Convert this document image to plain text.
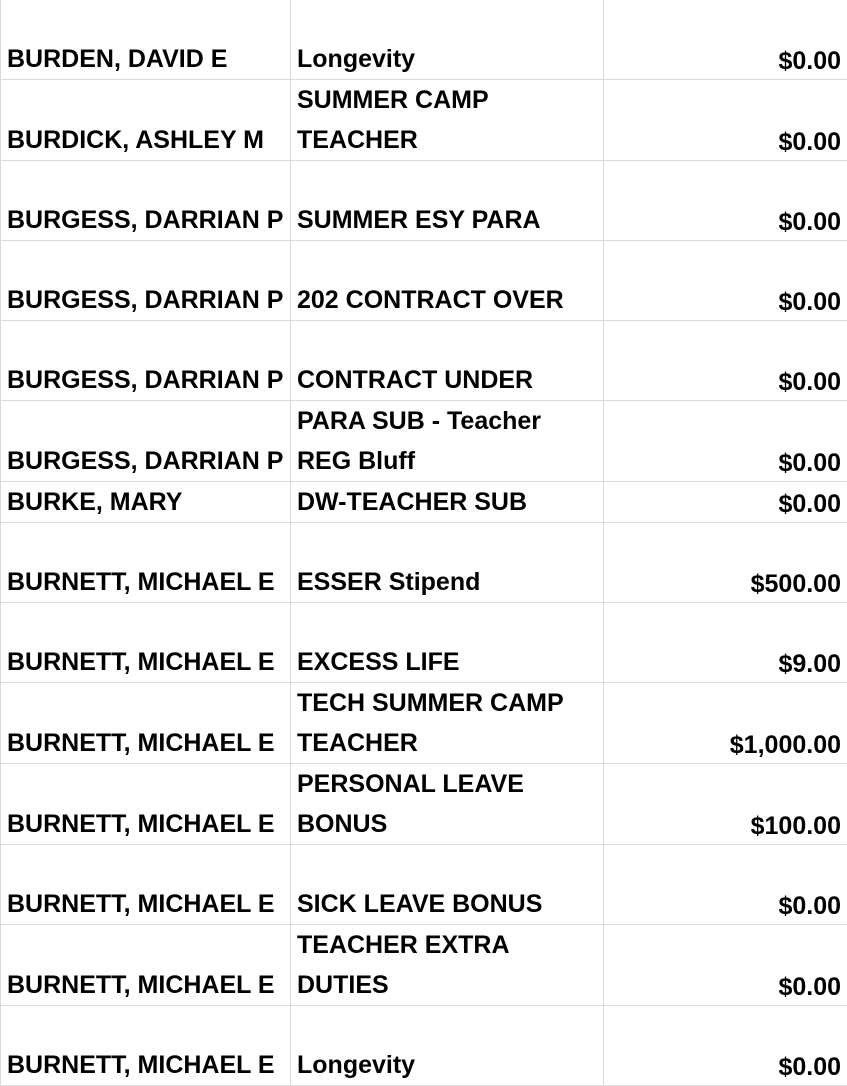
BURDEN, DAVID E	Longevity	$0.00

BURDICK, ASHLEY M	SUMMER CAMP TEACHER	$0.00

BURGESS, DARRIAN P	SUMMER ESY PARA	$0.00

BURGESS, DARRIAN P	202 CONTRACT OVER	$0.00

BURGESS, DARRIAN P	CONTRACT UNDER	$0.00

BURGESS, DARRIAN P	PARA SUB - Teacher REG Bluff	$0.00

BURKE, MARY	DW-TEACHER SUB	$0.00

BURNETT, MICHAEL E	ESSER Stipend	$500.00

BURNETT, MICHAEL E	EXCESS LIFE	$9.00

BURNETT, MICHAEL E	TECH SUMMER CAMP TEACHER	$1,000.00

BURNETT, MICHAEL E	PERSONAL LEAVE BONUS	$100.00

BURNETT, MICHAEL E	SICK LEAVE BONUS	$0.00

BURNETT, MICHAEL E	TEACHER EXTRA DUTIES	$0.00

BURNETT, MICHAEL E	Longevity	$0.00
